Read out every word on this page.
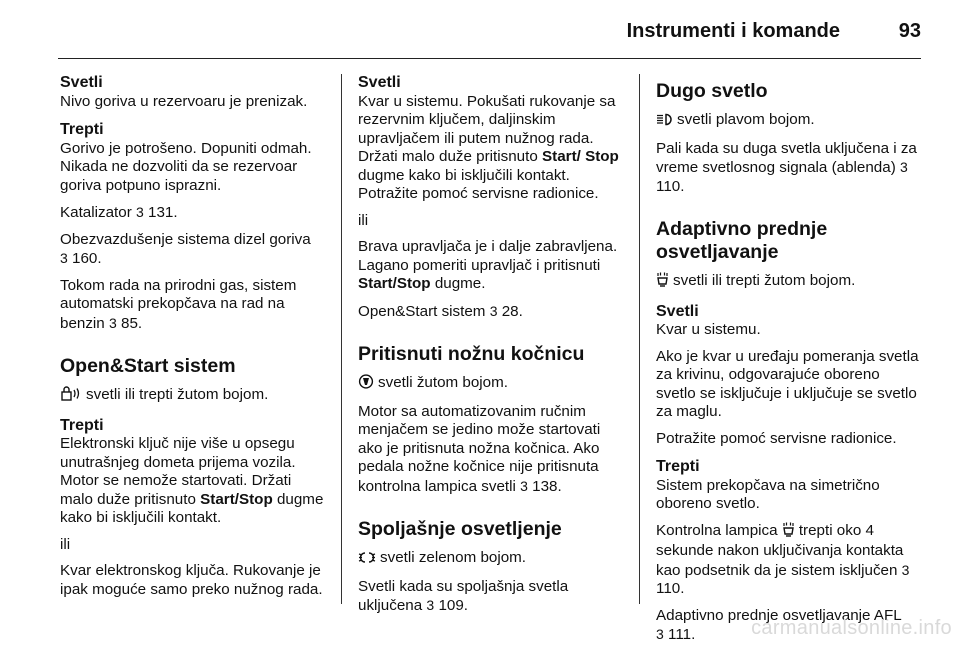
Instrumenti i komande	93
Svetli
Nivo goriva u rezervoaru je prenizak.
Trepti
Gorivo je potrošeno. Dopuniti odmah. Nikada ne dozvoliti da se rezervoar goriva potpuno isprazni.
Katalizator 3 131.
Obezvazdušenje sistema dizel goriva
3 160.
Tokom rada na prirodni gas, sistem automatski prekopčava na rad na benzin 3 85.
Open&Start sistem
svetli ili trepti žutom bojom.
Trepti
Elektronski ključ nije više u opsegu unutrašnjeg dometa prijema vozila. Motor se nemože startovati. Držati malo duže pritisnuto Start/Stop dugme kako bi isključili kontakt.
ili
Kvar elektronskog ključa. Rukovanje je ipak moguće samo preko nužnog rada.
Svetli
Kvar u sistemu. Pokušati rukovanje sa rezervnim ključem, daljinskim upravljačem ili putem nužnog rada. Držati malo duže pritisnuto Start/ Stop dugme kako bi isključili kontakt. Potražite pomoć servisne radionice.
ili
Brava upravljača je i dalje zabravljena. Lagano pomeriti upravljač i pritisnuti Start/Stop dugme.
Open&Start sistem 3 28.
Pritisnuti nožnu kočnicu
svetli žutom bojom.
Motor sa automatizovanim ručnim menjačem se jedino može startovati ako je pritisnuta nožna kočnica. Ako pedala nožne kočnice nije pritisnuta kontrolna lampica svetli 3 138.
Spoljašnje osvetljenje
svetli zelenom bojom.
Svetli kada su spoljašnja svetla uključena 3 109.
Dugo svetlo
svetli plavom bojom.
Pali kada su duga svetla uključena i za vreme svetlosnog signala (ablenda) 3 110.
Adaptivno prednje osvetljavanje
svetli ili trepti žutom bojom.
Svetli
Kvar u sistemu.
Ako je kvar u uređaju pomeranja svetla za krivinu, odgovarajuće oboreno svetlo se isključuje i uključuje se svetlo za maglu.
Potražite pomoć servisne radionice.
Trepti
Sistem prekopčava na simetrično oboreno svetlo.
Kontrolna lampica trepti oko 4 sekunde nakon uključivanja kontakta kao podsetnik da je sistem isključen 3 110.
Adaptivno prednje osvetljavanje AFL
3 111.	carmanualsonline.info
